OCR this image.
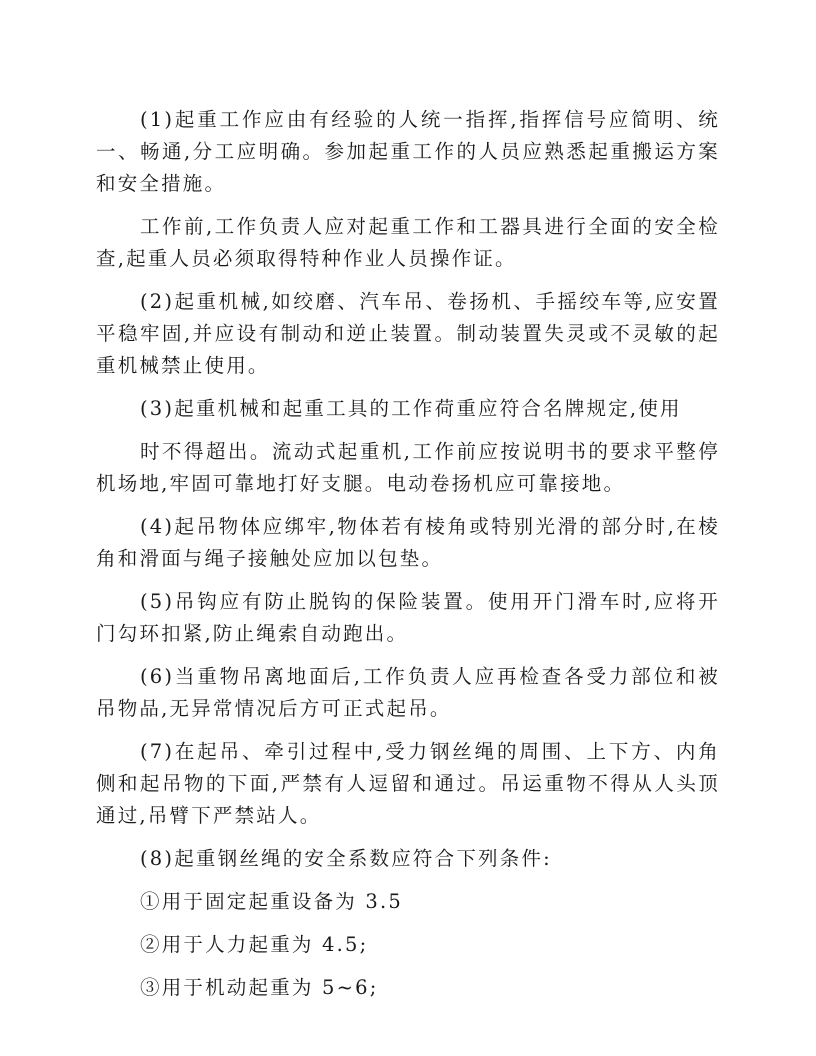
(1)起重工作应由有经验的人统一指挥,指挥信号应简明、统一、畅通,分工应明确。参加起重工作的人员应熟悉起重搬运方案和安全措施。

工作前,工作负责人应对起重工作和工器具进行全面的安全检查,起重人员必须取得特种作业人员操作证。

(2)起重机械,如绞磨、汽车吊、卷扬机、手摇绞车等,应安置平稳牢固,并应设有制动和逆止装置。制动装置失灵或不灵敏的起重机械禁止使用。

(3)起重机械和起重工具的工作荷重应符合名牌规定,使用

时不得超出。流动式起重机,工作前应按说明书的要求平整停机场地,牢固可靠地打好支腿。电动卷扬机应可靠接地。

(4)起吊物体应绑牢,物体若有棱角或特别光滑的部分时,在棱角和滑面与绳子接触处应加以包垫。

(5)吊钩应有防止脱钩的保险装置。使用开门滑车时,应将开门勾环扣紧,防止绳索自动跑出。

(6)当重物吊离地面后,工作负责人应再检查各受力部位和被吊物品,无异常情况后方可正式起吊。

(7)在起吊、牵引过程中,受力钢丝绳的周围、上下方、内角侧和起吊物的下面,严禁有人逗留和通过。吊运重物不得从人头顶通过,吊臂下严禁站人。

(8)起重钢丝绳的安全系数应符合下列条件:

①用于固定起重设备为 3.5

②用于人力起重为 4.5;

③用于机动起重为 5~6;
